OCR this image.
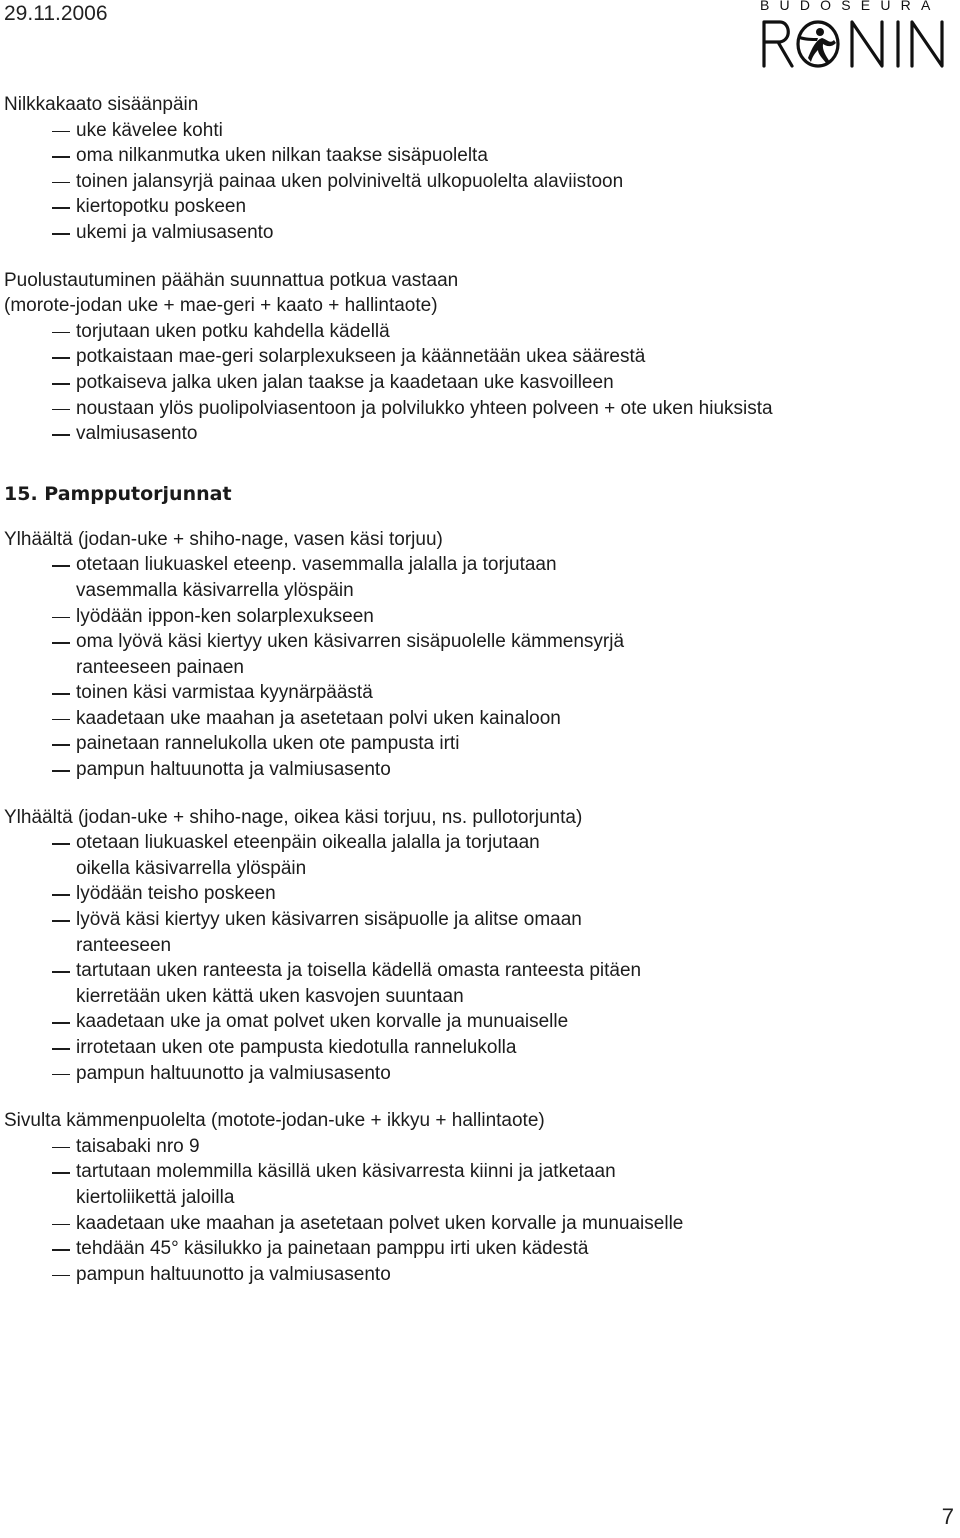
29.11.2006	BUDOSEURA
Nilkkakaato sisäänpäin
uke kävelee kohti
oma nilkanmutka uken nilkan taakse sisäpuolelta
toinen jalansyrjä painaa uken polviniveltä ulkopuolelta alaviistoon
kiertopotku poskeen
ukemi ja valmiusasento
Puolustautuminen päähän suunnattua potkua vastaan
(morote-jodan uke + mae-geri + kaato + hallintaote)
torjutaan uken potku kahdella kädellä
potkaistaan mae-geri solarplexukseen ja käännetään ukea säärestä
potkaiseva jalka uken jalan taakse ja kaadetaan uke kasvoilleen
noustaan ylös puolipolviasentoon ja polvilukko yhteen polveen + ote uken hiuksista
valmiusasento
15. Pampputorjunnat
Ylhäältä (jodan-uke + shiho-nage, vasen käsi torjuu)
otetaan liukuaskel eteenp. vasemmalla jalalla ja torjutaan
vasemmalla käsivarrella ylöspäin
lyödään ippon-ken solarplexukseen
oma lyövä käsi kiertyy uken käsivarren sisäpuolelle kämmensyrjä
ranteeseen painaen
toinen käsi varmistaa kyynärpäästä
kaadetaan uke maahan ja asetetaan polvi uken kainaloon
painetaan rannelukolla uken ote pampusta irti
pampun haltuunotta ja valmiusasento
Ylhäältä (jodan-uke + shiho-nage, oikea käsi torjuu, ns. pullotorjunta)
otetaan liukuaskel eteenpäin oikealla jalalla ja torjutaan
oikella käsivarrella ylöspäin
lyödään teisho poskeen
lyövä käsi kiertyy uken käsivarren sisäpuolle ja alitse omaan
ranteeseen
tartutaan uken ranteesta ja toisella kädellä omasta ranteesta pitäen
kierretään uken kättä uken kasvojen suuntaan
kaadetaan uke ja omat polvet uken korvalle ja munuaiselle
irrotetaan uken ote pampusta kiedotulla rannelukolla
pampun haltuunotto ja valmiusasento
Sivulta kämmenpuolelta (motote-jodan-uke + ikkyu + hallintaote)
taisabaki nro 9
tartutaan molemmilla käsillä uken käsivarresta kiinni ja jatketaan
kiertoliikettä jaloilla
kaadetaan uke maahan ja asetetaan polvet uken korvalle ja munuaiselle
tehdään 45° käsilukko ja painetaan pamppu irti uken kädestä
pampun haltuunotto ja valmiusasento
7
